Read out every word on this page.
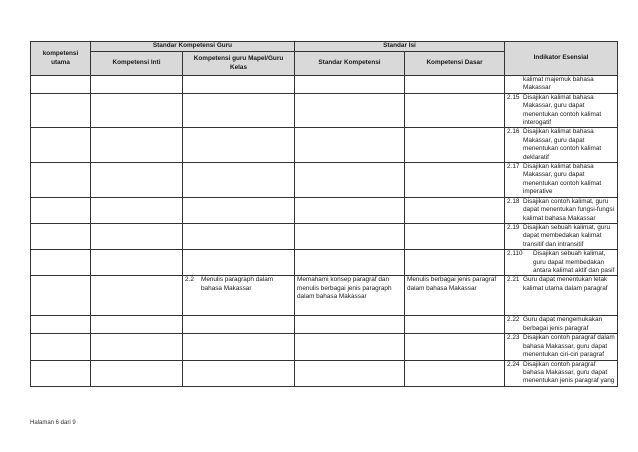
kompetensi utama	Standar Kompetensi Guru		Standar Isi		Indikator Esensial
	Kompetensi Inti	Kompetensi guru Mapel/Guru Kelas	Standar Kompetensi	Kompetensi Dasar	

					kalimat majemuk bahasa Makassar

					2.15 Disajikan kalimat bahasa Makassar, guru dapat menentukan contoh kalimat interogatif

					2.16 Disajikan kalimat bahasa Makassar, guru dapat menentukan contoh kalimat deklaratif

					2.17 Disajikan kalimat bahasa Makassar, guru dapat menentukan contoh kalimat imperative

					2.18 Disajikan contoh kalimat, guru dapat menentukan fungsi-fungsi kalimat bahasa Makassar

					2.19 Disajikan sebuah kalimat, guru dapat membedakan kalimat transitif dan intransitif

					2.110 Disajikan sebuah kalimat, guru dapat membedakan antara kalimat aktif dan pasif

		2.2 Menulis paragraph dalam bahasa Makassar	Memahami konsep paragraf dan menulis berbagai jenis paragraph dalam bahasa Makassar	Menulis berbagai jenis paragraf dalam bahasa Makassar	2.21 Guru dapat menentukan letak kalimat utama dalam paragraf

					2.22 Guru dapat mengemukakan berbagai jenis paragraf

					2.23 Disajikan contoh paragraf dalam bahasa Makassar, guru dapat menentukan ciri-ciri paragraf

					2.24 Disajikan contoh paragraf bahasa Makassar, guru dapat menentukan jenis paragraf yang
Halaman 6 dari 9
